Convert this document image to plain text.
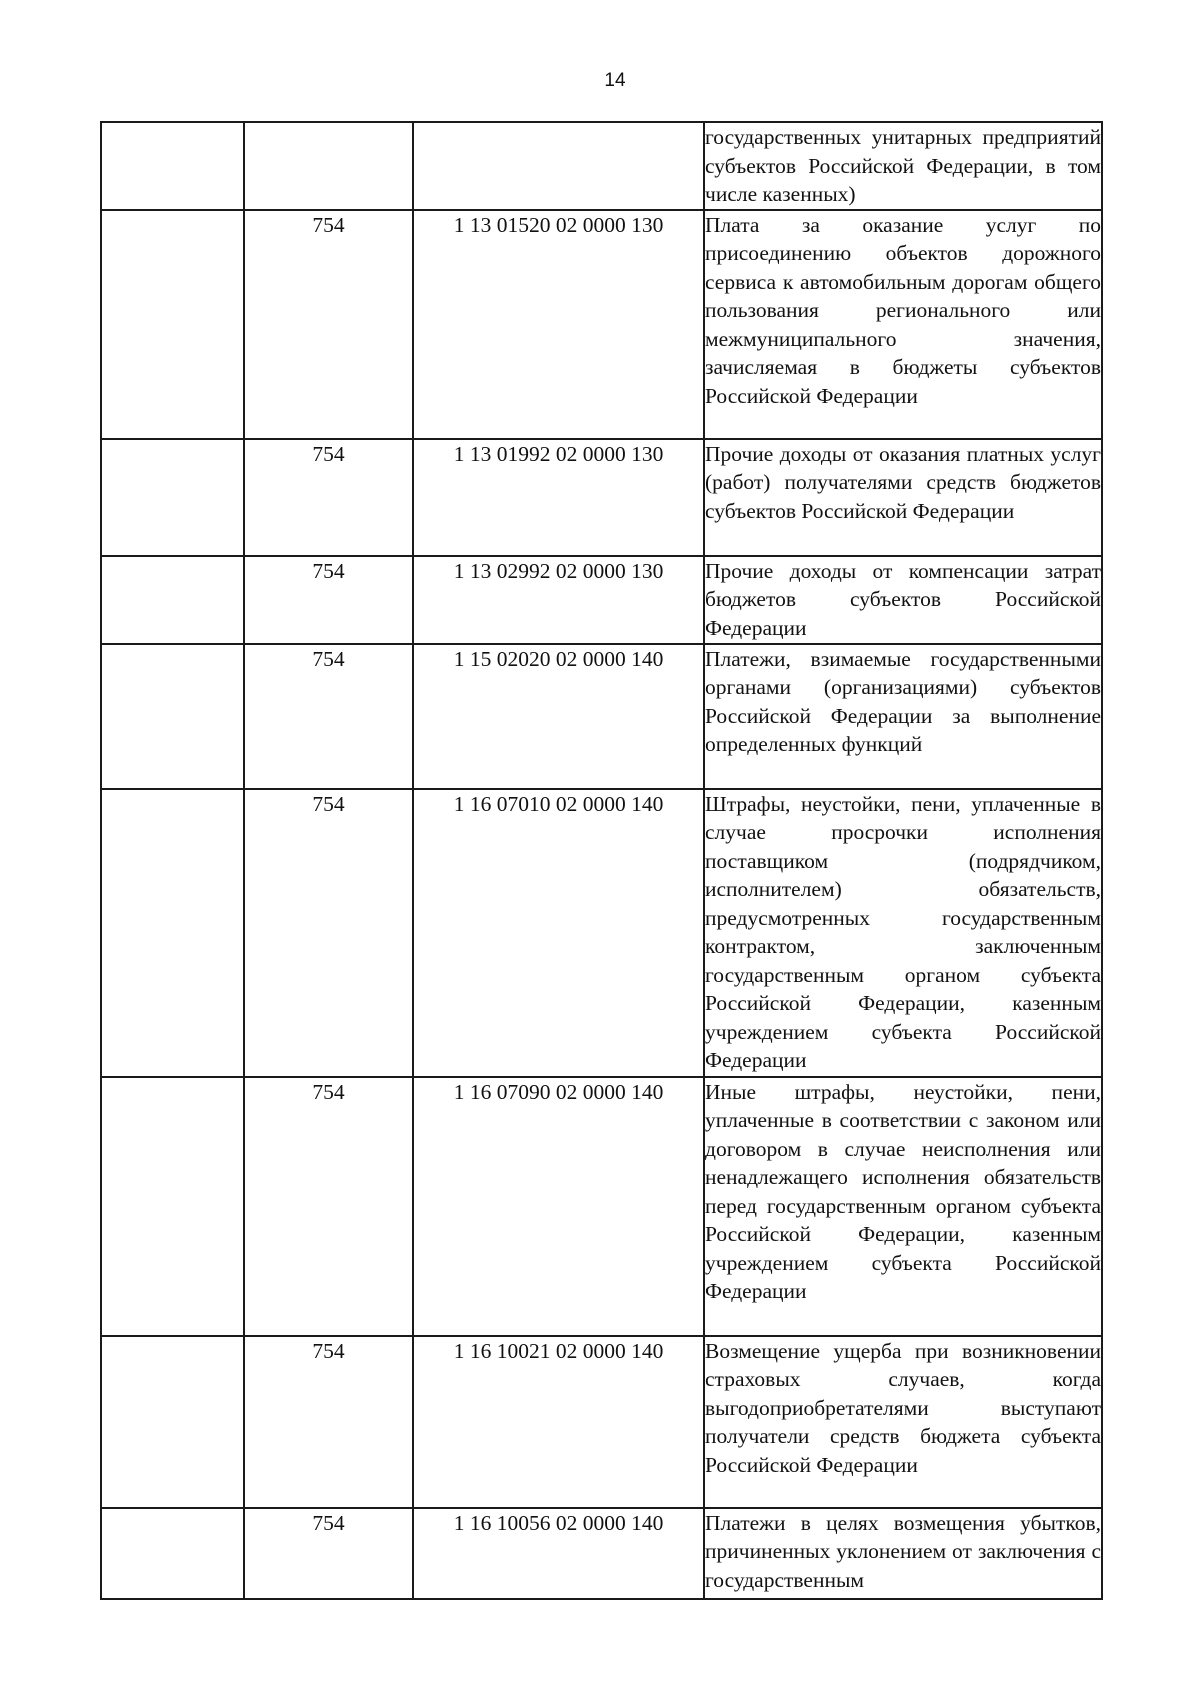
14
			государственных унитарных предприятий субъектов Российской Федерации, в том числе казенных)
	754	1 13 01520 02 0000 130	Плата за оказание услуг по присоединению объектов дорожного сервиса к автомобильным дорогам общего пользования регионального или межмуниципального значения, зачисляемая в бюджеты субъектов Российской Федерации
	754	1 13 01992 02 0000 130	Прочие доходы от оказания платных услуг (работ) получателями средств бюджетов субъектов Российской Федерации
	754	1 13 02992 02 0000 130	Прочие доходы от компенсации затрат бюджетов субъектов Российской Федерации
	754	1 15 02020 02 0000 140	Платежи, взимаемые государственными органами (организациями) субъектов Российской Федерации за выполнение определенных функций
	754	1 16 07010 02 0000 140	Штрафы, неустойки, пени, уплаченные в случае просрочки исполнения поставщиком (подрядчиком, исполнителем) обязательств, предусмотренных государственным контрактом, заключенным государственным органом субъекта Российской Федерации, казенным учреждением субъекта Российской Федерации
	754	1 16 07090 02 0000 140	Иные штрафы, неустойки, пени, уплаченные в соответствии с законом или договором в случае неисполнения или ненадлежащего исполнения обязательств перед государственным органом субъекта Российской Федерации, казенным учреждением субъекта Российской Федерации
	754	1 16 10021 02 0000 140	Возмещение ущерба при возникновении страховых случаев, когда выгодоприобретателями выступают получатели средств бюджета субъекта Российской Федерации
	754	1 16 10056 02 0000 140	Платежи в целях возмещения убытков, причиненных уклонением от заключения с государственным
